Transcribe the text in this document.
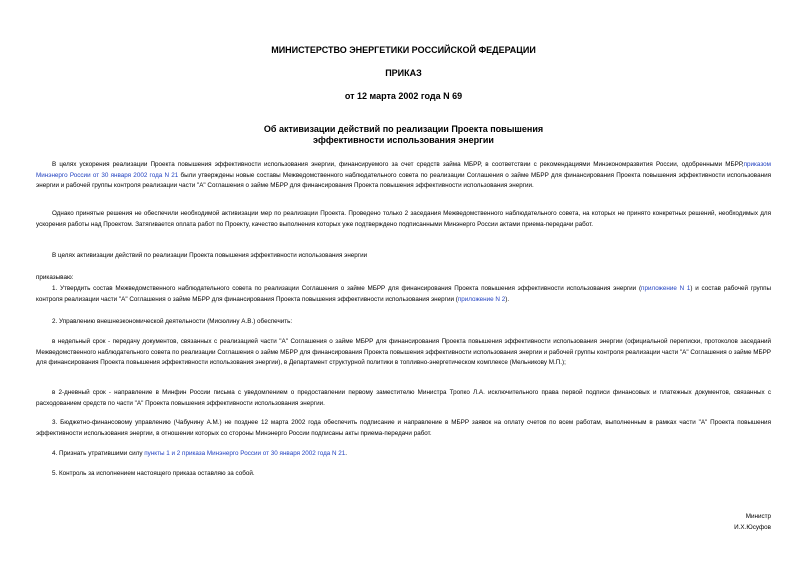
МИНИСТЕРСТВО ЭНЕРГЕТИКИ РОССИЙСКОЙ ФЕДЕРАЦИИ
ПРИКАЗ
от 12 марта 2002 года N 69
Об активизации действий по реализации Проекта повышения
эффективности использования энергии
В целях ускорения реализации Проекта повышения эффективности использования энергии, финансируемого за счет средств займа МБРР, в соответствии с рекомендациями Минэкономразвития России, одобренными МБРР,приказом Минэнерго России от 30 января 2002 года N 21 были утверждены новые составы Межведомственного наблюдательного совета по реализации Соглашения о займе МБРР для финансирования Проекта повышения эффективности использования энергии и рабочей группы контроля реализации части "А" Соглашения о займе МБРР для финансирования Проекта повышения эффективности использования энергии.
Однако принятые решения не обеспечили необходимой активизации мер по реализации Проекта. Проведено только 2 заседания Межведомственного наблюдательного совета, на которых не принято конкретных решений, необходимых для ускорения работы над Проектом. Затягивается оплата работ по Проекту, качество выполнения которых уже подтверждено подписанными Минэнерго России актами приема-передачи работ.
В целях активизации действий по реализации Проекта повышения эффективности использования энергии
приказываю:
1. Утвердить состав Межведомственного наблюдательного совета по реализации Соглашения о займе МБРР для финансирования Проекта повышения эффективности использования энергии (приложение N 1) и состав рабочей группы контроля реализации части "А" Соглашения о займе МБРР для финансирования Проекта повышения эффективности использования энергии (приложение N 2).
2. Управлению внешнеэкономической деятельности (Мисюлину А.В.) обеспечить:
в недельный срок - передачу документов, связанных с реализацией части "А" Соглашения о займе МБРР для финансирования Проекта повышения эффективности использования энергии (официальной переписки, протоколов заседаний Межведомственного наблюдательного совета по реализации Соглашения о займе МБРР для финансирования Проекта повышения эффективности использования энергии и рабочей группы контроля реализации части "А" Соглашения о займе МБРР для финансирования Проекта повышения эффективности использования энергии), в Департамент структурной политики в топливно-энергетическом комплексе (Мельникову М.П.);
в 2-дневный срок - направление в Минфин России письма с уведомлением о предоставлении первому заместителю Министра Тропко Л.А. исключительного права первой подписи финансовых и платежных документов, связанных с расходованием средств по части "А" Проекта повышения эффективности использования энергии.
3. Бюджетно-финансовому управлению (Чабунину А.М.) не позднее 12 марта 2002 года обеспечить подписание и направление в МБРР заявок на оплату счетов по всем работам, выполненным в рамках части "А" Проекта повышения эффективности использования энергии, в отношении которых со стороны Минэнерго России подписаны акты приема-передачи работ.
4. Признать утратившими силу пункты 1 и 2 приказа Минэнерго России от 30 января 2002 года N 21.
5. Контроль за исполнением настоящего приказа оставляю за собой.
Министр
И.Х.Юсуфов
